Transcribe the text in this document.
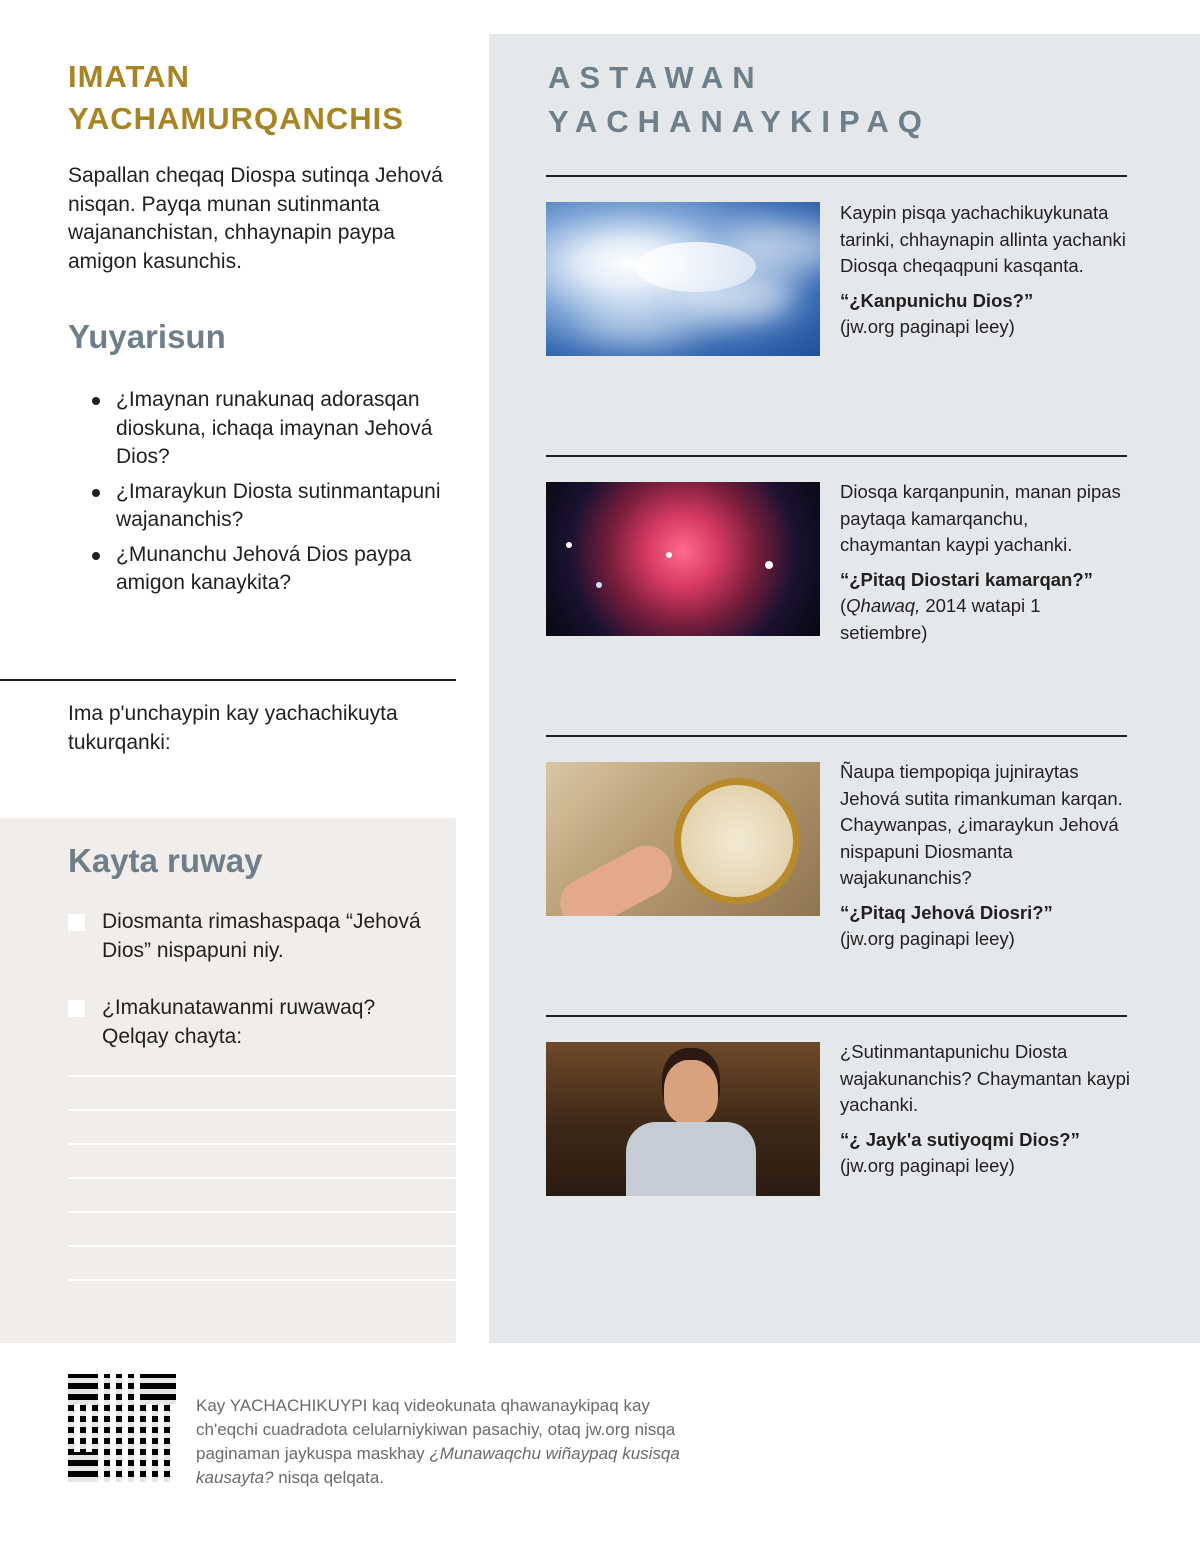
IMATAN
YACHAMURQANCHIS

Sapallan cheqaq Diospa sutinqa Jehová nisqan. Payqa munan sutinmanta wajananchistan, chhaynapin paypa amigon kasunchis.

Yuyarisun
¿Imaynan runakunaq adorasqan dioskuna, ichaqa imaynan Jehová Dios?
¿Imaraykun Diosta sutinmantapuni wajananchis?
¿Munanchu Jehová Dios paypa amigon kanaykita?

Ima p'unchaypin kay yachachikuyta tukurqanki:

Kayta ruway
Diosmanta rimashaspaqa “Jehová Dios” nispapuni niy.
¿Imakunatawanmi ruwawaq? Qelqay chayta:
ASTAWAN
YACHANAYKIPAQ
Kaypin pisqa yachachikuykunata tarinki, chhaynapin allinta yachanki Diosqa cheqaqpuni kasqanta.
“¿Kanpunichu Dios?”
(jw.org paginapi leey)
Diosqa karqanpunin, manan pipas paytaqa kamarqanchu, chaymantan kaypi yachanki.
“¿Pitaq Diostari kamarqan?”
(Qhawaq, 2014 watapi 1 setiembre)
Ñaupa tiempopiqa jujniraytas Jehová sutita rimankuman karqan. Chaywanpas, ¿imaraykun Jehová nispapuni Diosmanta wajakunanchis?
“¿Pitaq Jehová Diosri?”
(jw.org paginapi leey)
¿Sutinmantapunichu Diosta wajakunanchis? Chaymantan kaypi yachanki.
“¿ Jayk'a sutiyoqmi Dios?”
(jw.org paginapi leey)

Kay YACHACHIKUYPI kaq videokunata qhawanaykipaq kay ch'eqchi cuadradota celularniykiwan pasachiy, otaq jw.org nisqa paginaman jaykuspa maskhay ¿Munawaqchu wiñaypaq kusisqa kausayta? nisqa qelqata.
